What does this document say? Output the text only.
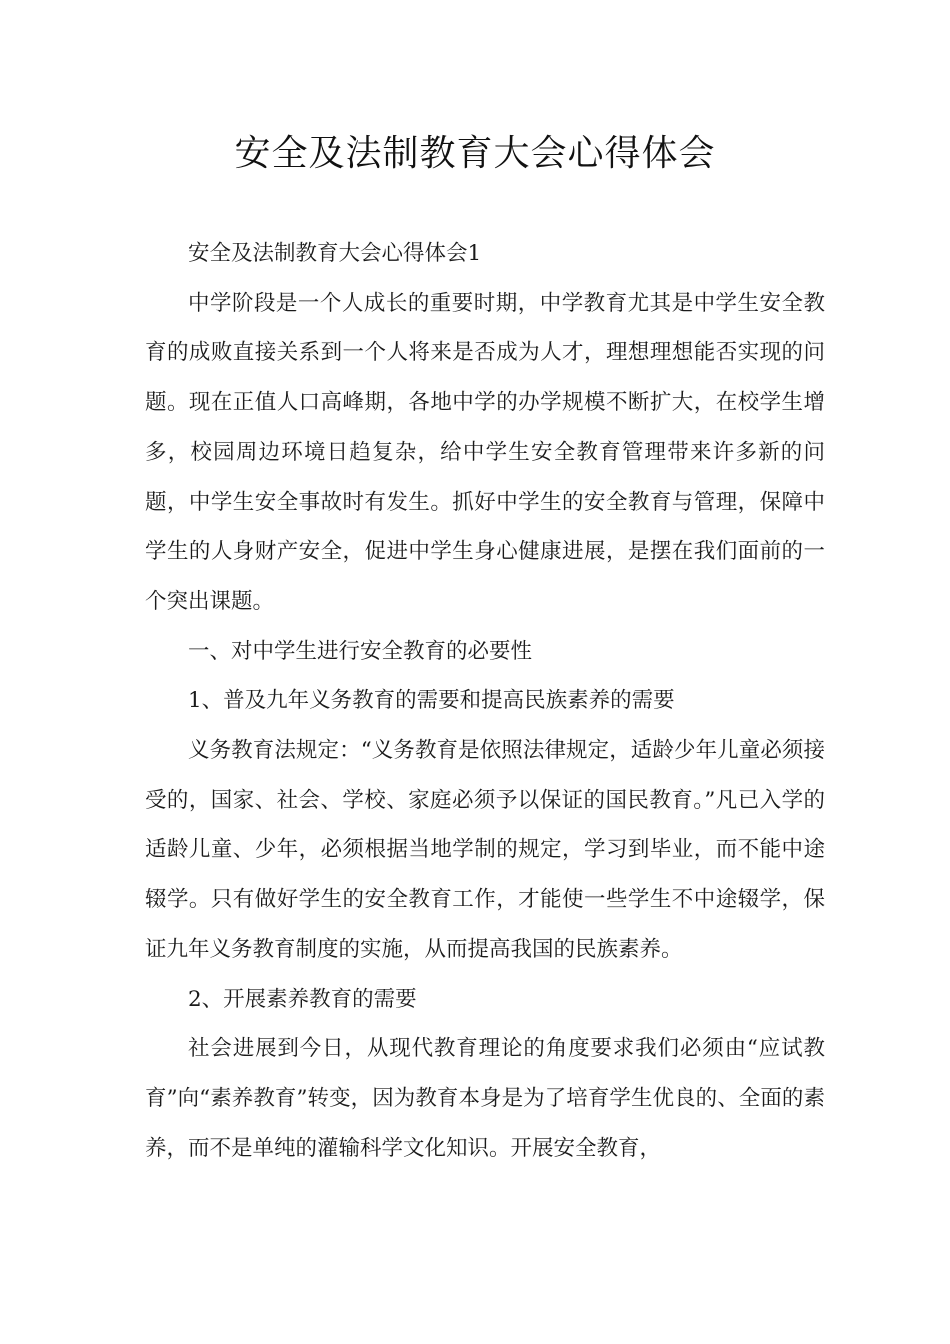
安全及法制教育大会心得体会

安全及法制教育大会心得体会1

中学阶段是一个人成长的重要时期，中学教育尤其是中学生安全教育的成败直接关系到一个人将来是否成为人才，理想理想能否实现的问题。现在正值人口高峰期，各地中学的办学规模不断扩大，在校学生增多，校园周边环境日趋复杂，给中学生安全教育管理带来许多新的问题，中学生安全事故时有发生。抓好中学生的安全教育与管理，保障中学生的人身财产安全，促进中学生身心健康进展，是摆在我们面前的一个突出课题。

一、对中学生进行安全教育的必要性

1、普及九年义务教育的需要和提高民族素养的需要

义务教育法规定：“义务教育是依照法律规定，适龄少年儿童必须接受的，国家、社会、学校、家庭必须予以保证的国民教育。”凡已入学的适龄儿童、少年，必须根据当地学制的规定，学习到毕业，而不能中途辍学。只有做好学生的安全教育工作，才能使一些学生不中途辍学，保证九年义务教育制度的实施，从而提高我国的民族素养。

2、开展素养教育的需要

社会进展到今日，从现代教育理论的角度要求我们必须由“应试教育”向“素养教育”转变，因为教育本身是为了培育学生优良的、全面的素养，而不是单纯的灌输科学文化知识。开展安全教育，
